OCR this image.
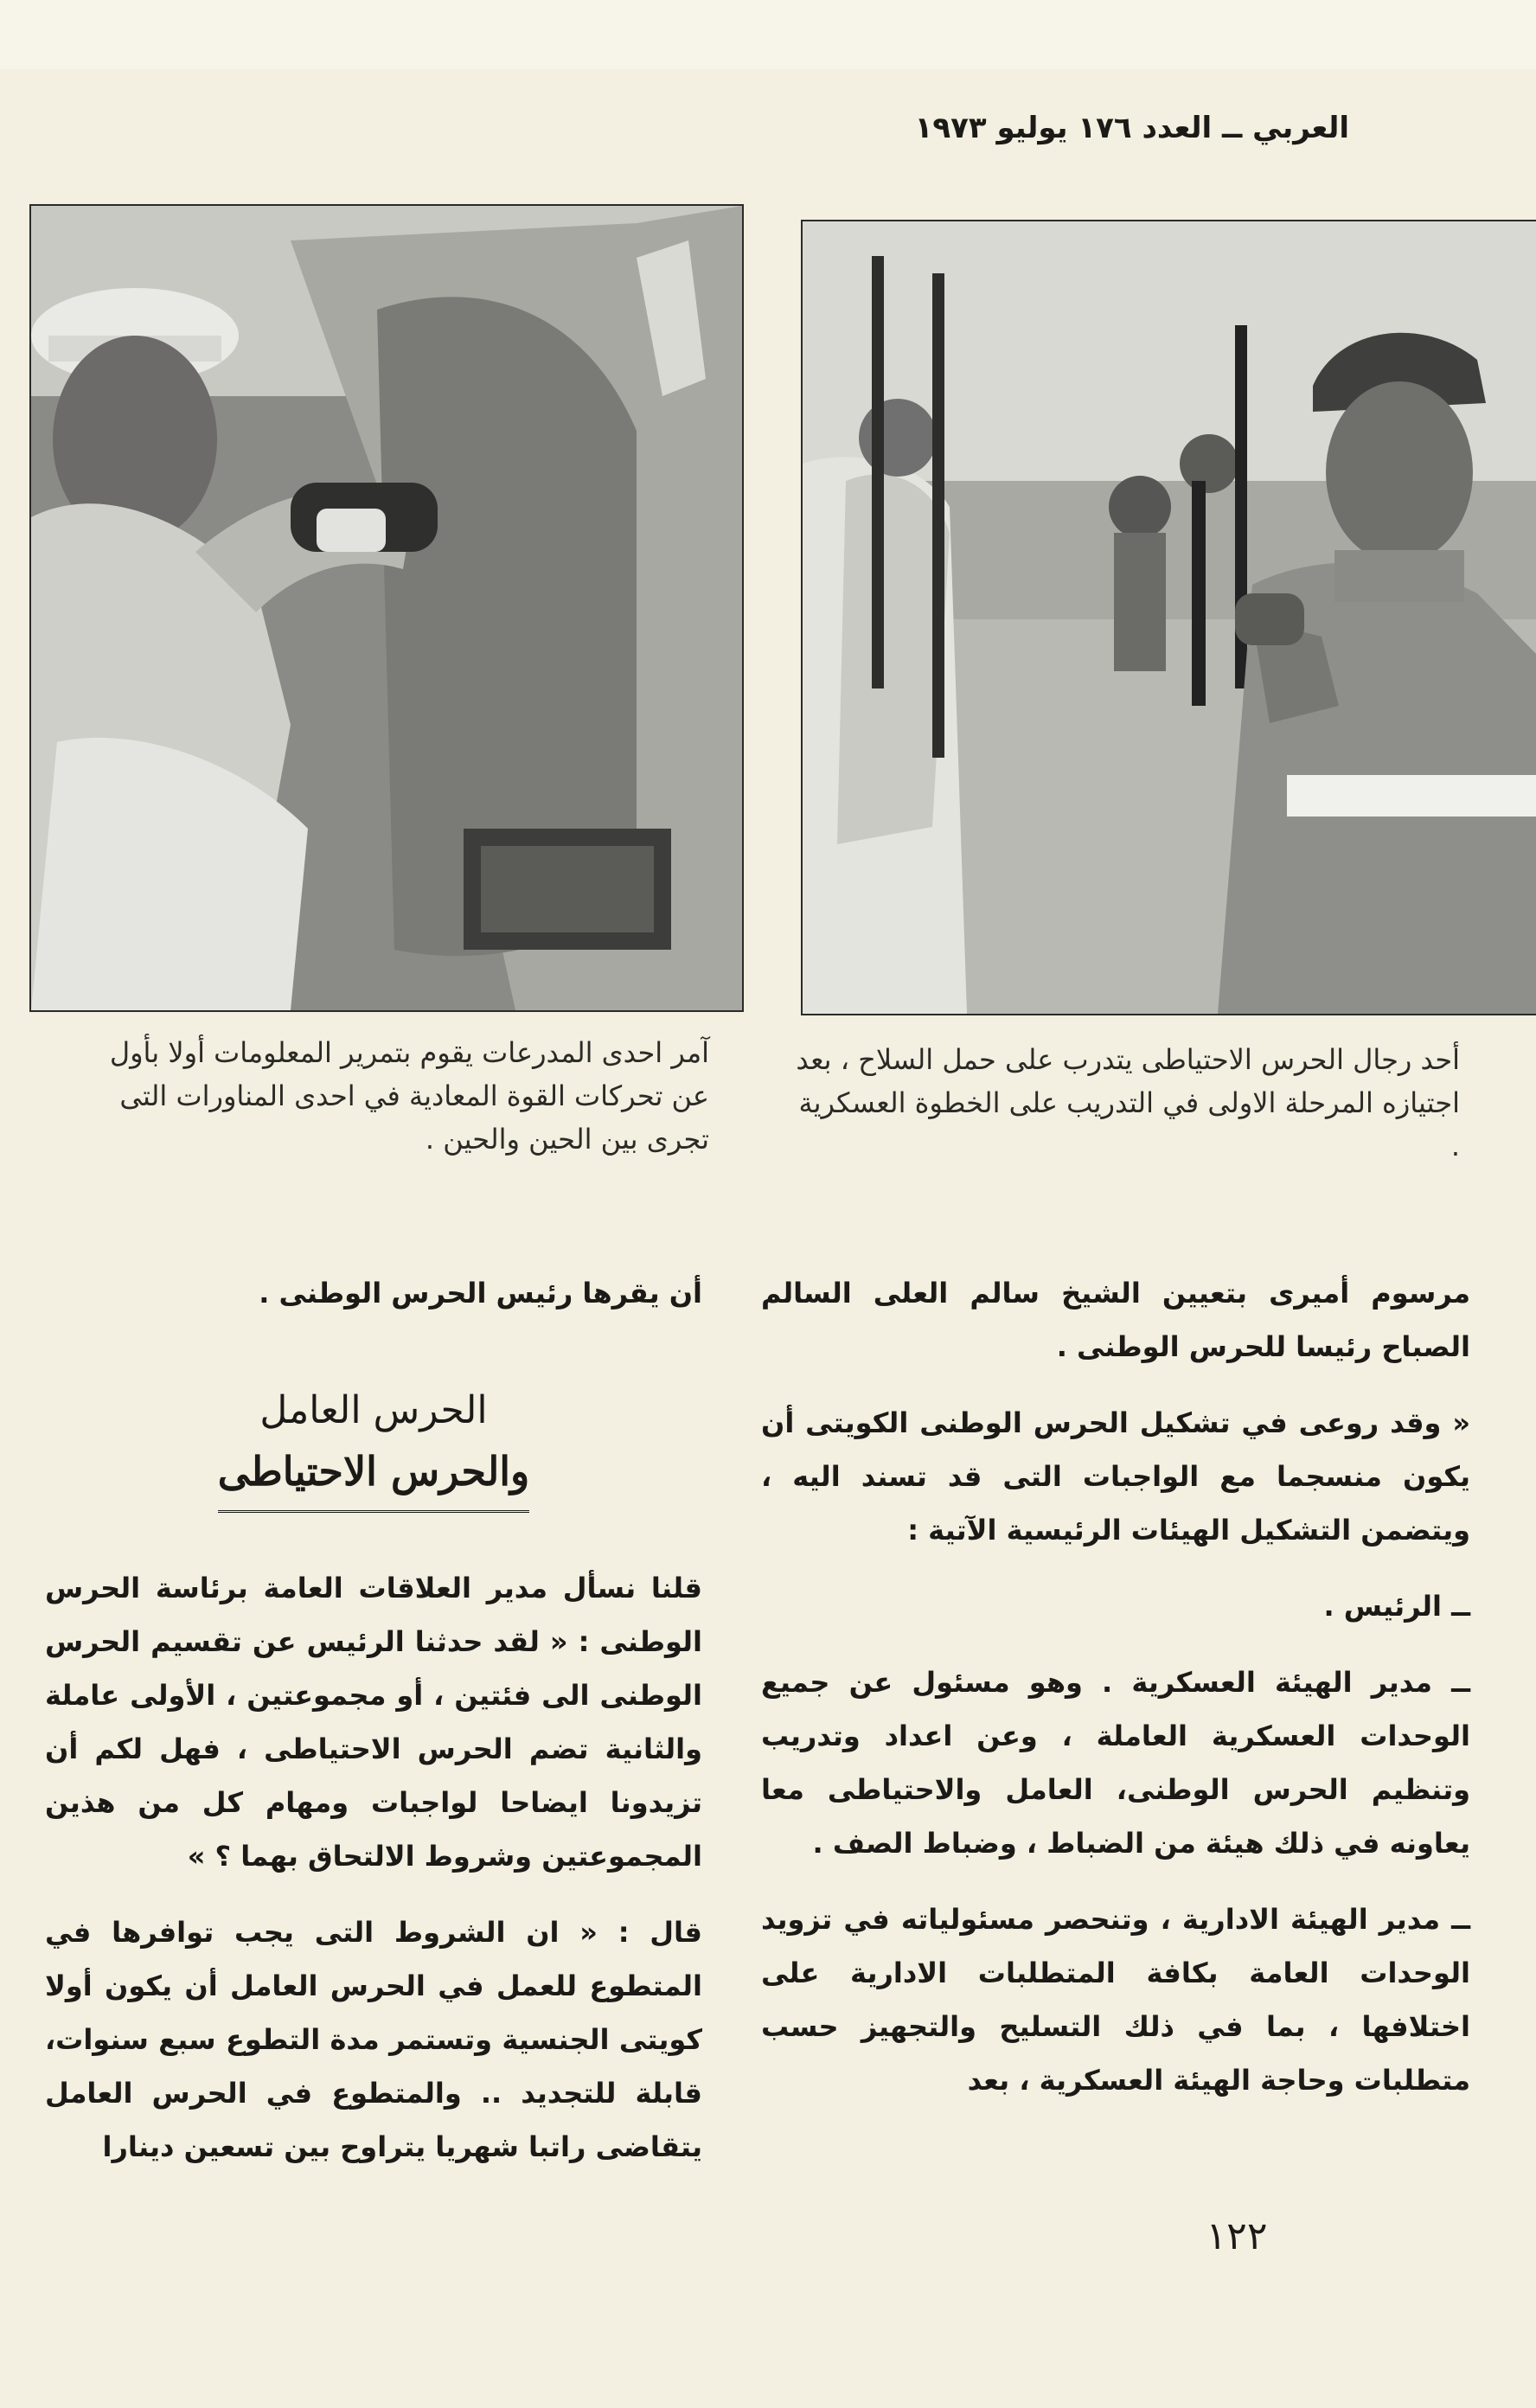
العربي ــ العدد ١٧٦ يوليو ١٩٧٣
آمر احدى المدرعات يقوم بتمرير المعلومات أولا بأول عن تحركات القوة المعادية في احدى المناورات التى تجرى بين الحين والحين .
أحد رجال الحرس الاحتياطى يتدرب على حمل السلاح ، بعد اجتيازه المرحلة الاولى في التدريب على الخطوة العسكرية .

مرسوم أميرى بتعيين الشيخ سالم العلى السالم الصباح رئيسا للحرس الوطنى .

« وقد روعى في تشكيل الحرس الوطنى الكويتى أن يكون منسجما مع الواجبات التى قد تسند اليه ، ويتضمن التشكيل الهيئات الرئيسية الآتية :

ــ الرئيس .

ــ مدير الهيئة العسكرية . وهو مسئول عن جميع الوحدات العسكرية العاملة ، وعن اعداد وتدريب وتنظيم الحرس الوطنى، العامل والاحتياطى معا يعاونه في ذلك هيئة من الضباط ، وضباط الصف .

ــ مدير الهيئة الادارية ، وتنحصر مسئولياته في تزويد الوحدات العامة بكافة المتطلبات الادارية على اختلافها ، بما في ذلك التسليح والتجهيز حسب متطلبات وحاجة الهيئة العسكرية ، بعد

أن يقرها رئيس الحرس الوطنى .

الحرس العامل
والحرس الاحتياطى

قلنا نسأل مدير العلاقات العامة برئاسة الحرس الوطنى : « لقد حدثنا الرئيس عن تقسيم الحرس الوطنى الى فئتين ، أو مجموعتين ، الأولى عاملة والثانية تضم الحرس الاحتياطى ، فهل لكم أن تزيدونا ايضاحا لواجبات ومهام كل من هذين المجموعتين وشروط الالتحاق بهما ؟ »

قال : « ان الشروط التى يجب توافرها في المتطوع للعمل في الحرس العامل أن يكون أولا كويتى الجنسية وتستمر مدة التطوع سبع سنوات، قابلة للتجديد .. والمتطوع في الحرس العامل يتقاضى راتبا شهريا يتراوح بين تسعين دينارا

١٢٢
